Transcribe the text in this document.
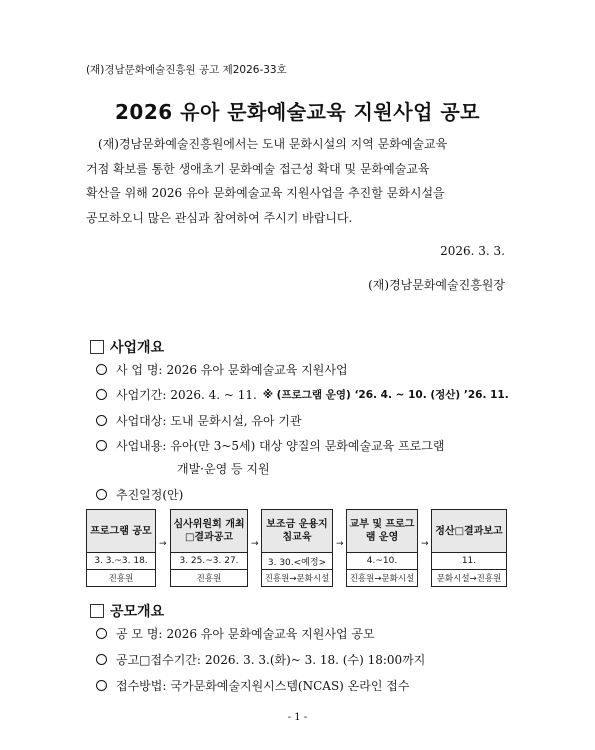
(재)경남문화예술진흥원 공고 제2026-33호
2026 유아 문화예술교육 지원사업 공모
(재)경남문화예술진흥원에서는 도내 문화시설의 지역 문화예술교육
거점 확보를 통한 생애초기 문화예술 접근성 확대 및 문화예술교육
확산을 위해 2026 유아 문화예술교육 지원사업을 추진할 문화시설을
공모하오니 많은 관심과 참여하여 주시기 바랍니다.
2026. 3. 3.
(재)경남문화예술진흥원장
사업개요
사 업 명: 2026 유아 문화예술교육 지원사업
사업기간: 2026. 4. ~ 11. ※ (프로그램 운영) ‘26. 4. ~ 10. (정산) ’26. 11.
사업대상: 도내 문화시설, 유아 기관
사업내용: 유아(만 3~5세) 대상 양질의 문화예술교육 프로그램
개발·운영 등 지원
추진일정(안)
프로그램 공모
3. 3.~3. 18.
진흥원
→
심사위원회 개최□결과공고
3. 25.~3. 27.
진흥원
→
보조금 운용지침교육
3. 30.<예정>
진흥원→문화시설
→
교부 및 프로그램 운영
4.~10.
진흥원→문화시설
→
정산□결과보고
11.
문화시설→진흥원
공모개요
공 모 명: 2026 유아 문화예술교육 지원사업 공모
공고□접수기간: 2026. 3. 3.(화)~ 3. 18. (수) 18:00까지
접수방법: 국가문화예술지원시스템(NCAS) 온라인 접수
- 1 -
